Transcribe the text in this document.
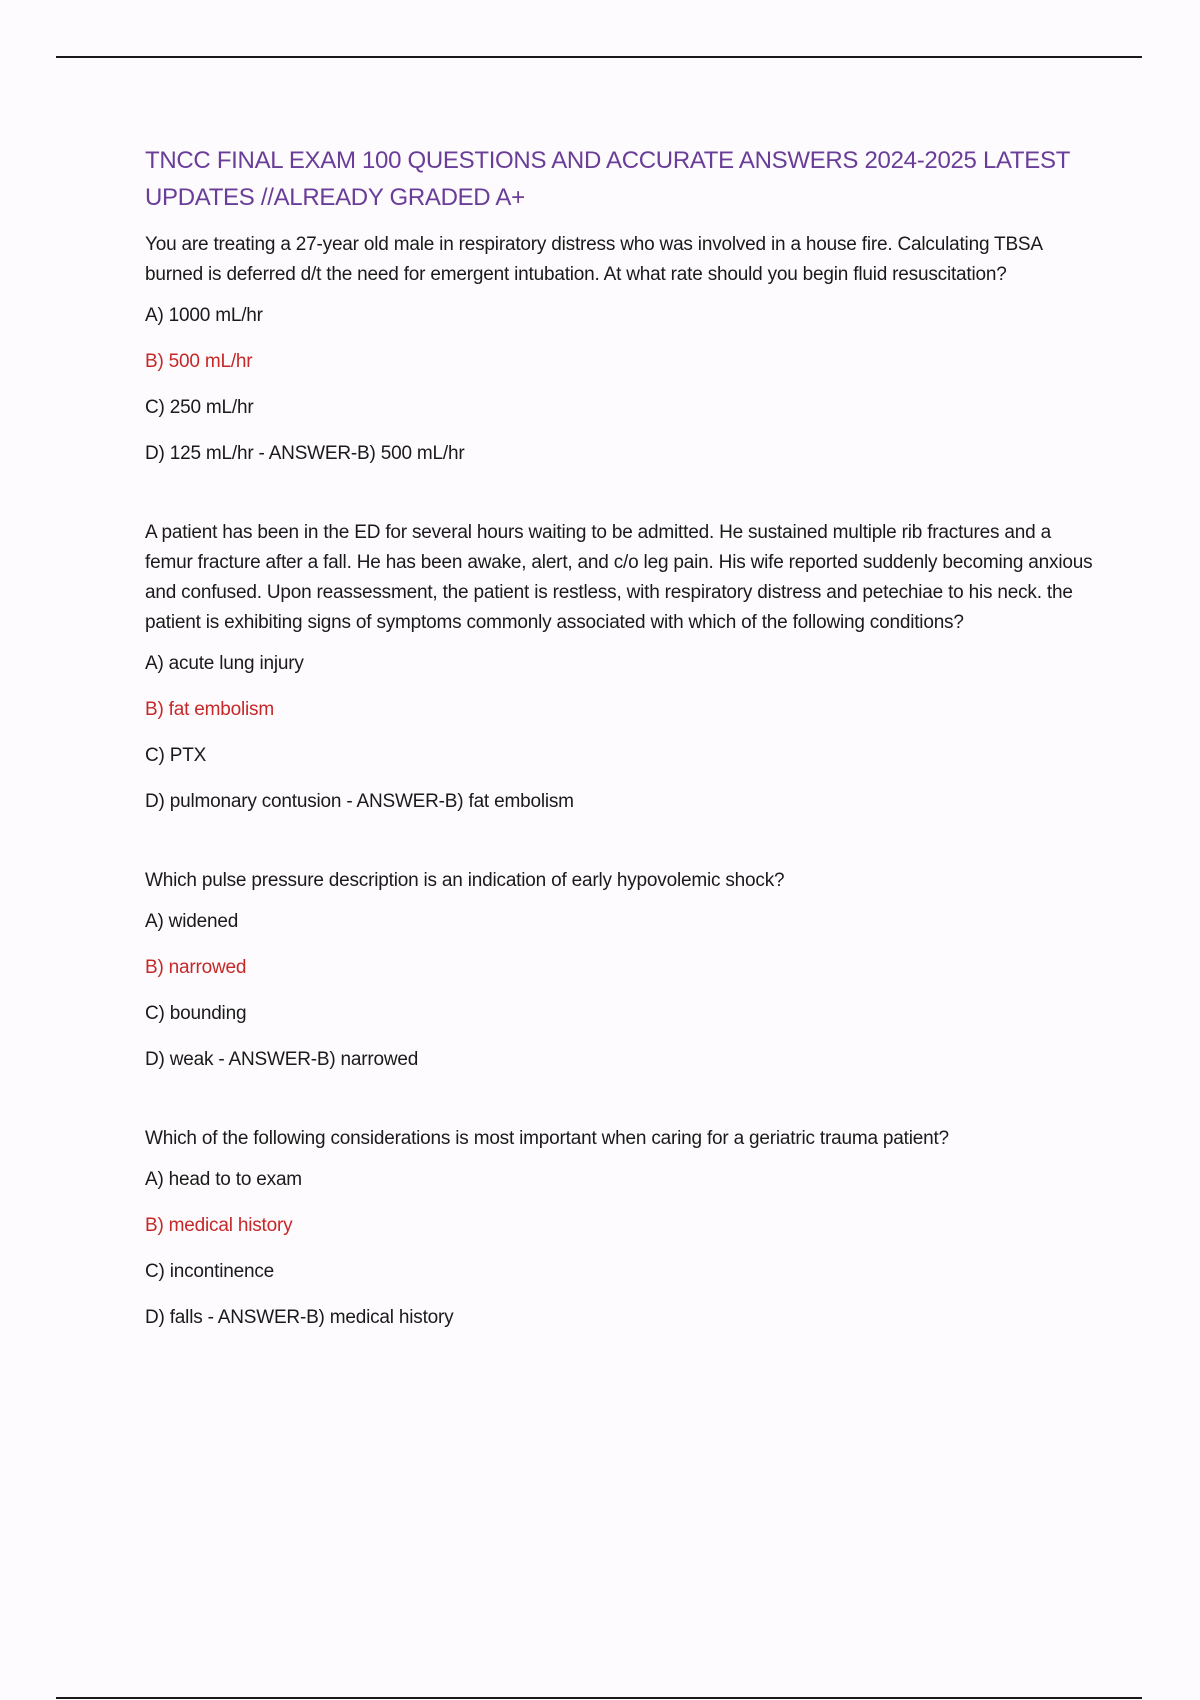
TNCC FINAL EXAM 100 QUESTIONS AND ACCURATE ANSWERS 2024-2025 LATEST UPDATES //ALREADY GRADED A+

You are treating a 27-year old male in respiratory distress who was involved in a house fire. Calculating TBSA burned is deferred d/t the need for emergent intubation. At what rate should you begin fluid resuscitation?

A) 1000 mL/hr

B) 500 mL/hr

C) 250 mL/hr

D) 125 mL/hr - ANSWER-B) 500 mL/hr

A patient has been in the ED for several hours waiting to be admitted. He sustained multiple rib fractures and a femur fracture after a fall. He has been awake, alert, and c/o leg pain. His wife reported suddenly becoming anxious and confused. Upon reassessment, the patient is restless, with respiratory distress and petechiae to his neck. the patient is exhibiting signs of symptoms commonly associated with which of the following conditions?

A) acute lung injury

B) fat embolism

C) PTX

D) pulmonary contusion - ANSWER-B) fat embolism

Which pulse pressure description is an indication of early hypovolemic shock?

A) widened

B) narrowed

C) bounding

D) weak - ANSWER-B) narrowed

Which of the following considerations is most important when caring for a geriatric trauma patient?

A) head to to exam

B) medical history

C) incontinence

D) falls - ANSWER-B) medical history
